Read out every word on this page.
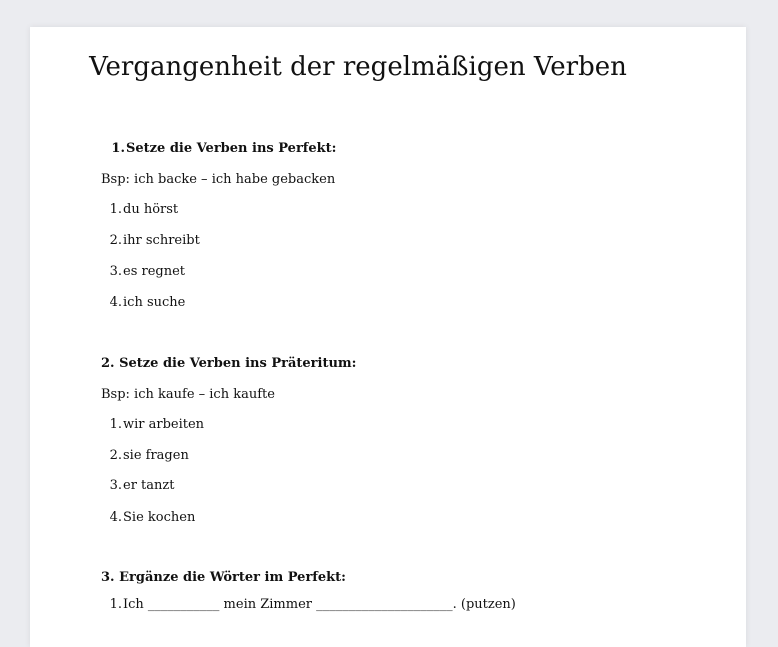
Vergangenheit der regelmäßigen Verben
1.Setze die Verben ins Perfekt:
Bsp: ich backe – ich habe gebacken
1.du hörst
2.ihr schreibt
3.es regnet
4.ich suche
2. Setze die Verben ins Präteritum:
Bsp: ich kaufe – ich kaufte
1.wir arbeiten
2.sie fragen
3.er tanzt
4.Sie kochen
3. Ergänze die Wörter im Perfekt:
1.Ich ___________ mein Zimmer _____________________. (putzen)
